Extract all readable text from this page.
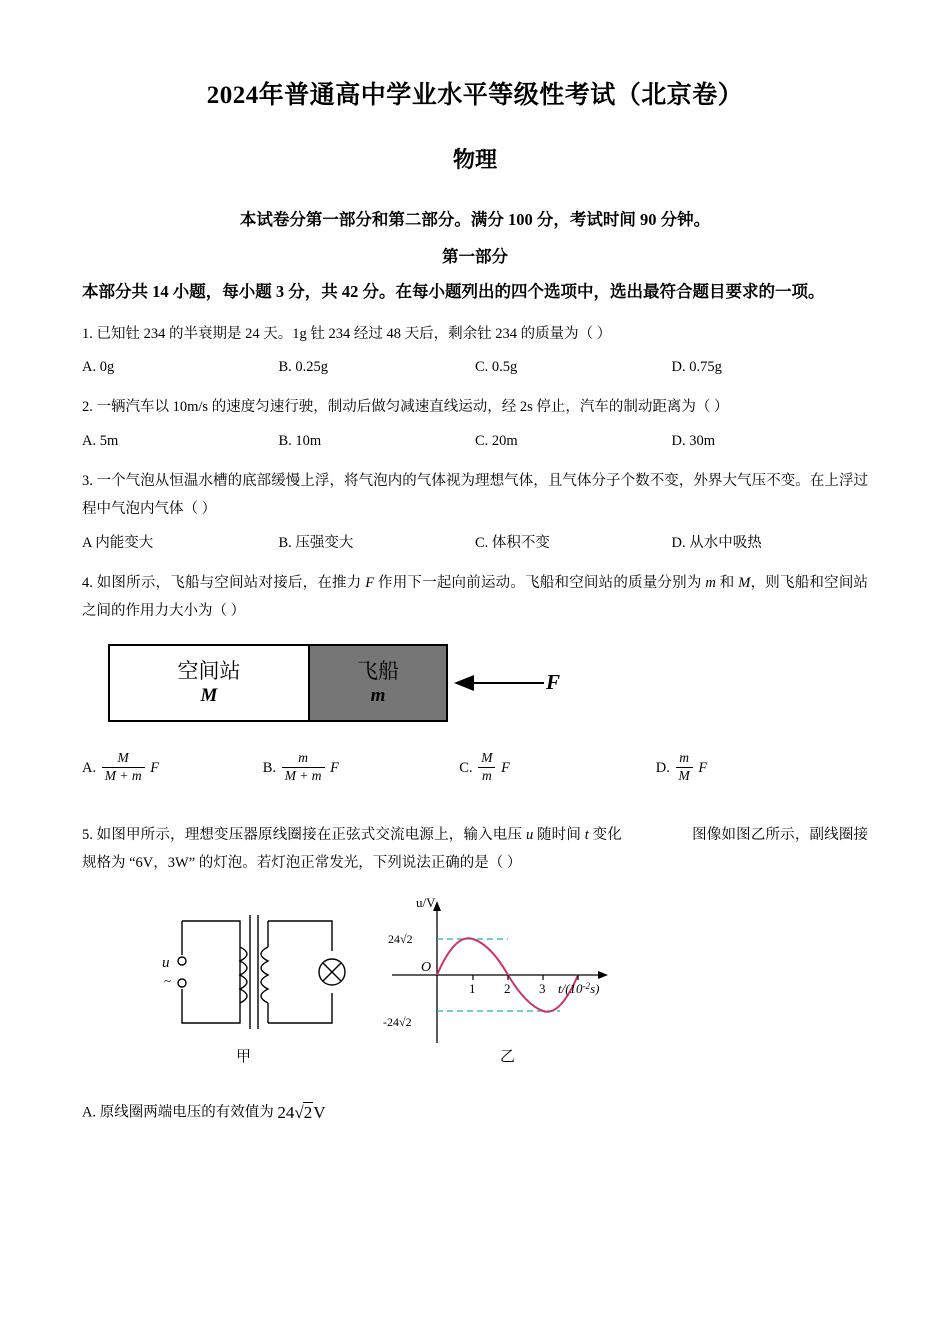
2024年普通高中学业水平等级性考试（北京卷）
物理

本试卷分第一部分和第二部分。满分 100 分，考试时间 90 分钟。

第一部分

本部分共 14 小题，每小题 3 分，共 42 分。在每小题列出的四个选项中，选出最符合题目要求的一项。

1. 已知钍 234 的半衰期是 24 天。1g 钍 234 经过 48 天后，剩余钍 234 的质量为（ ）
A. 0g	B. 0.25g	C. 0.5g	D. 0.75g
2. 一辆汽车以 10m/s 的速度匀速行驶，制动后做匀减速直线运动，经 2s 停止，汽车的制动距离为（ ）
A. 5m	B. 10m	C. 20m	D. 30m
3. 一个气泡从恒温水槽的底部缓慢上浮，将气泡内的气体视为理想气体，且气体分子个数不变，外界大气压不变。在上浮过程中气泡内气体（ ）
A 内能变大	B. 压强变大	C. 体积不变	D. 从水中吸热
4. 如图所示，飞船与空间站对接后，在推力 F 作用下一起向前运动。飞船和空间站的质量分别为 m 和 M，则飞船和空间站之间的作用力大小为（ ）
空间站
M
飞船
m
F
A. $\frac{M}{M + m}$ F	B. $\frac{m}{M + m}$ F	C. $\frac{M}{m}$ F	D. $\frac{m}{M}$ F
5. 如图甲所示，理想变压器原线圈接在正弦式交流电源上，输入电压 u 随时间 t 变化	图像如图乙所示，副线圈接规格为 “6V，3W” 的灯泡。若灯泡正常发光，下列说法正确的是（ ）
u
~
甲
u/V
24√2
-24√2
O
1 2 3 $t/(10^{-2}s)$
乙
A. 原线圈两端电压的有效值为 24√2V
